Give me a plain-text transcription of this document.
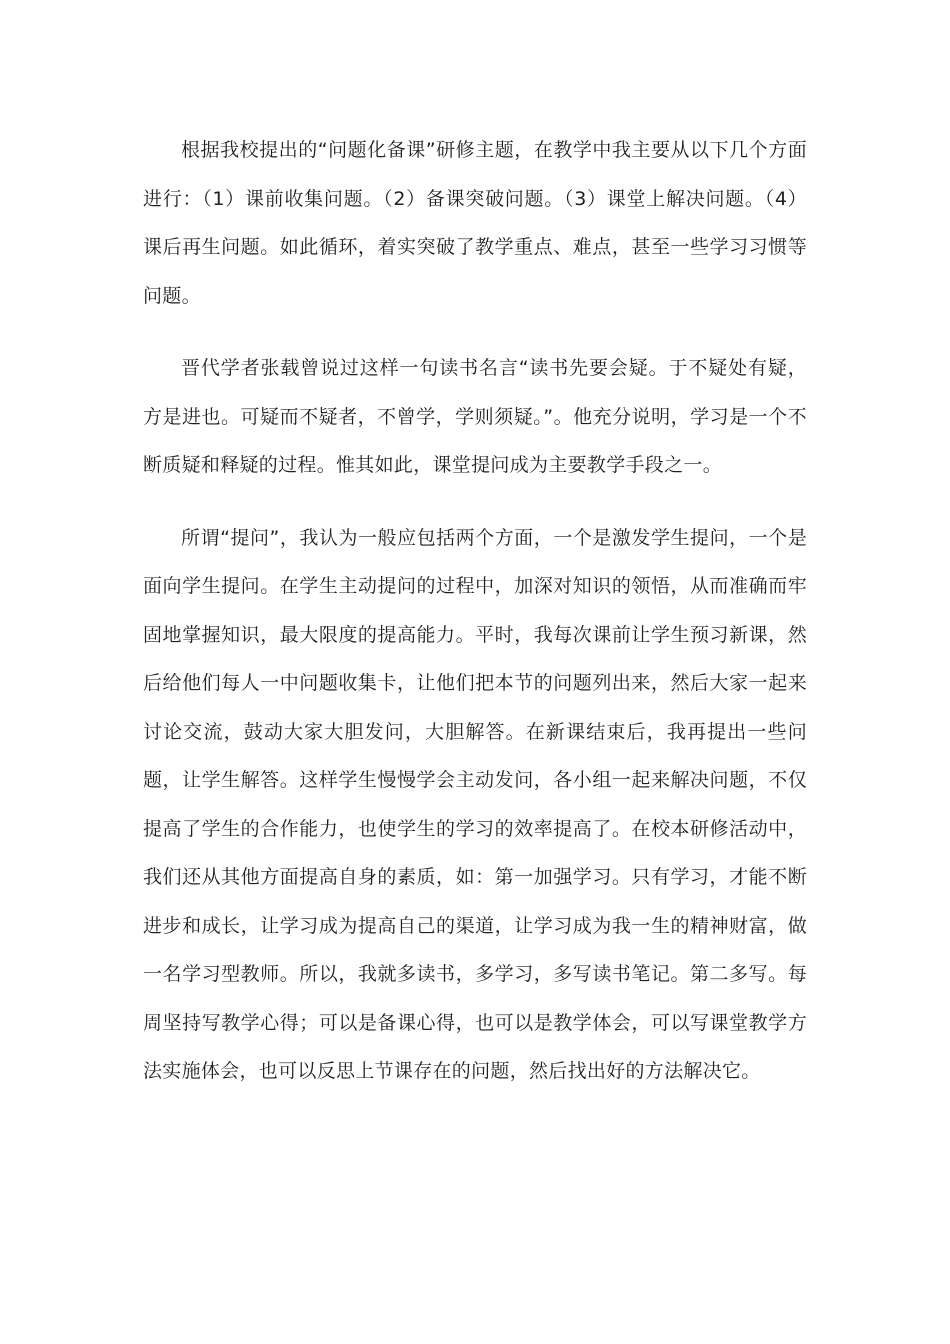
根据我校提出的“问题化备课”研修主题，在教学中我主要从以下几个方面进行：（1）课前收集问题。（2）备课突破问题。（3）课堂上解决问题。（4）课后再生问题。如此循环，着实突破了教学重点、难点，甚至一些学习习惯等问题。

晋代学者张载曾说过这样一句读书名言“读书先要会疑。于不疑处有疑，方是进也。可疑而不疑者，不曾学，学则须疑。”。他充分说明，学习是一个不断质疑和释疑的过程。惟其如此，课堂提问成为主要教学手段之一。

所谓“提问”，我认为一般应包括两个方面，一个是激发学生提问，一个是面向学生提问。在学生主动提问的过程中，加深对知识的领悟，从而准确而牢固地掌握知识，最大限度的提高能力。平时，我每次课前让学生预习新课，然后给他们每人一中问题收集卡，让他们把本节的问题列出来，然后大家一起来讨论交流，鼓动大家大胆发问，大胆解答。在新课结束后，我再提出一些问题，让学生解答。这样学生慢慢学会主动发问，各小组一起来解决问题，不仅提高了学生的合作能力，也使学生的学习的效率提高了。在校本研修活动中，我们还从其他方面提高自身的素质，如：第一加强学习。只有学习，才能不断进步和成长，让学习成为提高自己的渠道，让学习成为我一生的精神财富，做一名学习型教师。所以，我就多读书，多学习，多写读书笔记。第二多写。每周坚持写教学心得；可以是备课心得，也可以是教学体会，可以写课堂教学方法实施体会，也可以反思上节课存在的问题，然后找出好的方法解决它。
